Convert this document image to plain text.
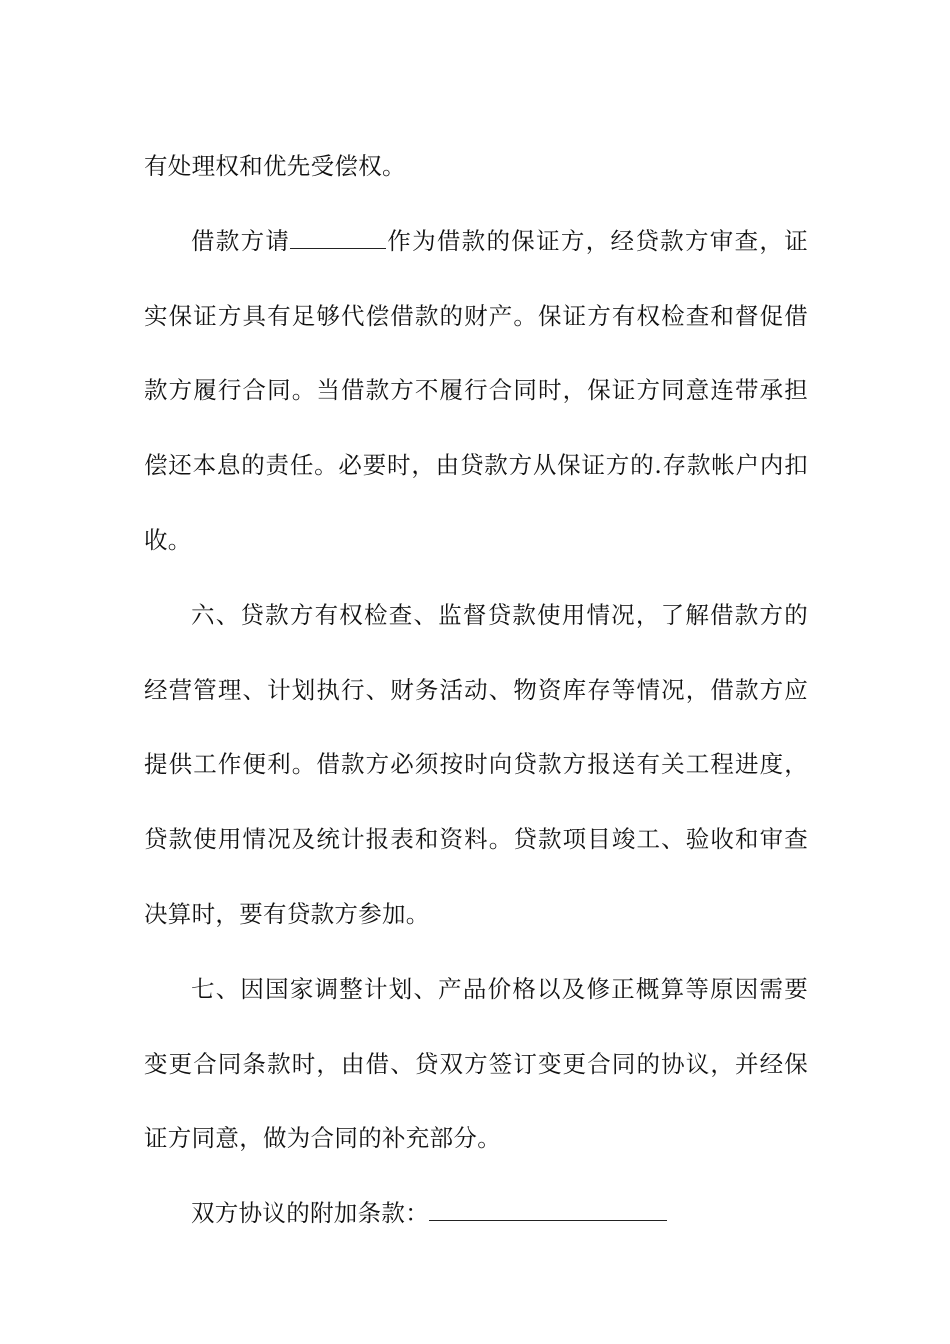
有处理权和优先受偿权。

借款方请	作为借款的保证方，经贷款方审查，证实保证方具有足够代偿借款的财产。保证方有权检查和督促借款方履行合同。当借款方不履行合同时，保证方同意连带承担偿还本息的责任。必要时，由贷款方从保证方的.存款帐户内扣收。

六、贷款方有权检查、监督贷款使用情况，了解借款方的经营管理、计划执行、财务活动、物资库存等情况，借款方应提供工作便利。借款方必须按时向贷款方报送有关工程进度，贷款使用情况及统计报表和资料。贷款项目竣工、验收和审查决算时，要有贷款方参加。

七、因国家调整计划、产品价格以及修正概算等原因需要变更合同条款时，由借、贷双方签订变更合同的协议，并经保证方同意，做为合同的补充部分。

双方协议的附加条款：
